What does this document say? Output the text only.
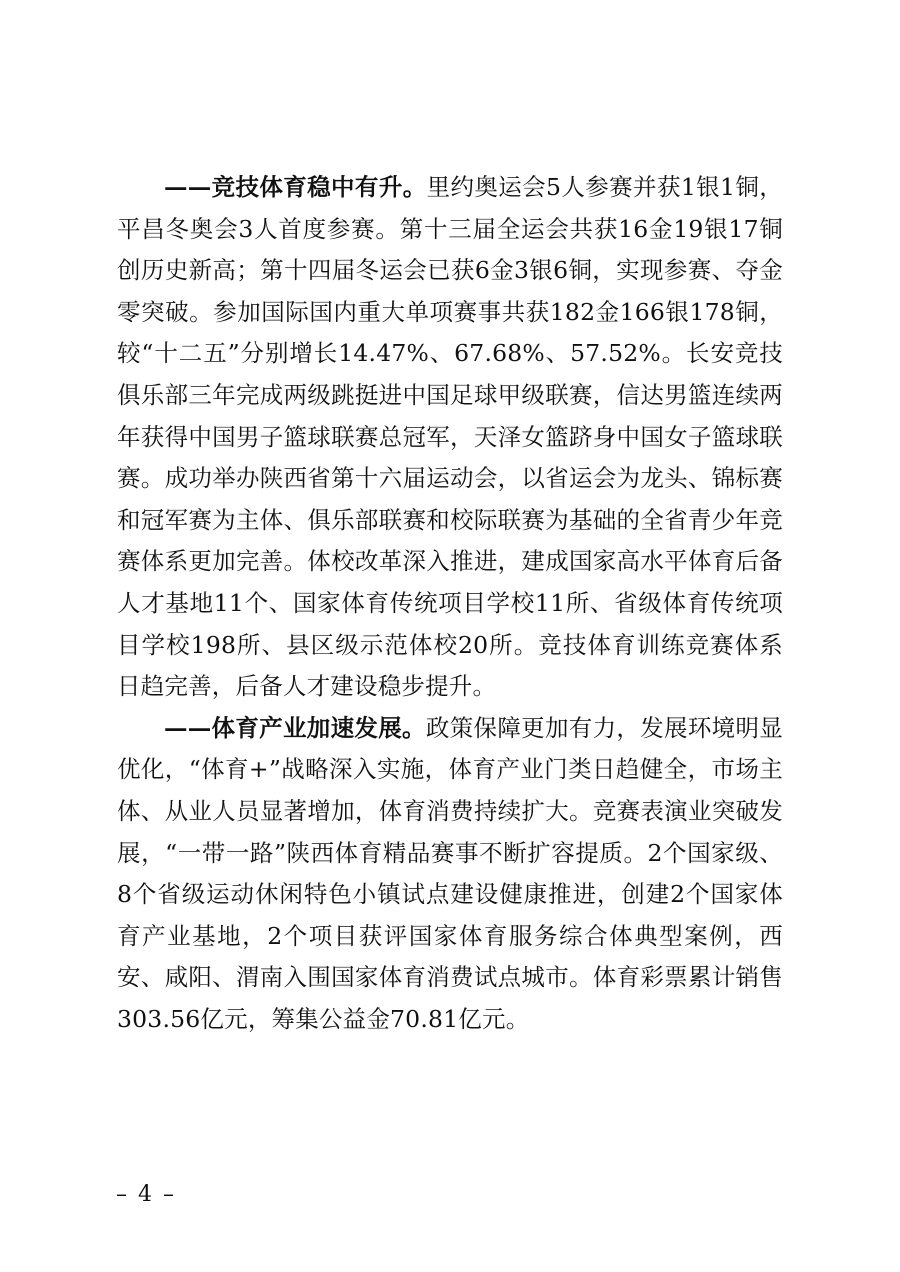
——竞技体育稳中有升。里约奥运会5人参赛并获1银1铜，平昌冬奥会3人首度参赛。第十三届全运会共获16金19银17铜创历史新高；第十四届冬运会已获6金3银6铜，实现参赛、夺金零突破。参加国际国内重大单项赛事共获182金166银178铜，较“十二五”分别增长14.47%、67.68%、57.52%。长安竞技俱乐部三年完成两级跳挺进中国足球甲级联赛，信达男篮连续两年获得中国男子篮球联赛总冠军，天泽女篮跻身中国女子篮球联赛。成功举办陕西省第十六届运动会，以省运会为龙头、锦标赛和冠军赛为主体、俱乐部联赛和校际联赛为基础的全省青少年竞赛体系更加完善。体校改革深入推进，建成国家高水平体育后备人才基地11个、国家体育传统项目学校11所、省级体育传统项目学校198所、县区级示范体校20所。竞技体育训练竞赛体系日趋完善，后备人才建设稳步提升。

——体育产业加速发展。政策保障更加有力，发展环境明显优化，“体育+”战略深入实施，体育产业门类日趋健全，市场主体、从业人员显著增加，体育消费持续扩大。竞赛表演业突破发展，“一带一路”陕西体育精品赛事不断扩容提质。2个国家级、8个省级运动休闲特色小镇试点建设健康推进，创建2个国家体育产业基地，2个项目获评国家体育服务综合体典型案例，西安、咸阳、渭南入围国家体育消费试点城市。体育彩票累计销售303.56亿元，筹集公益金70.81亿元。

– 4 –
